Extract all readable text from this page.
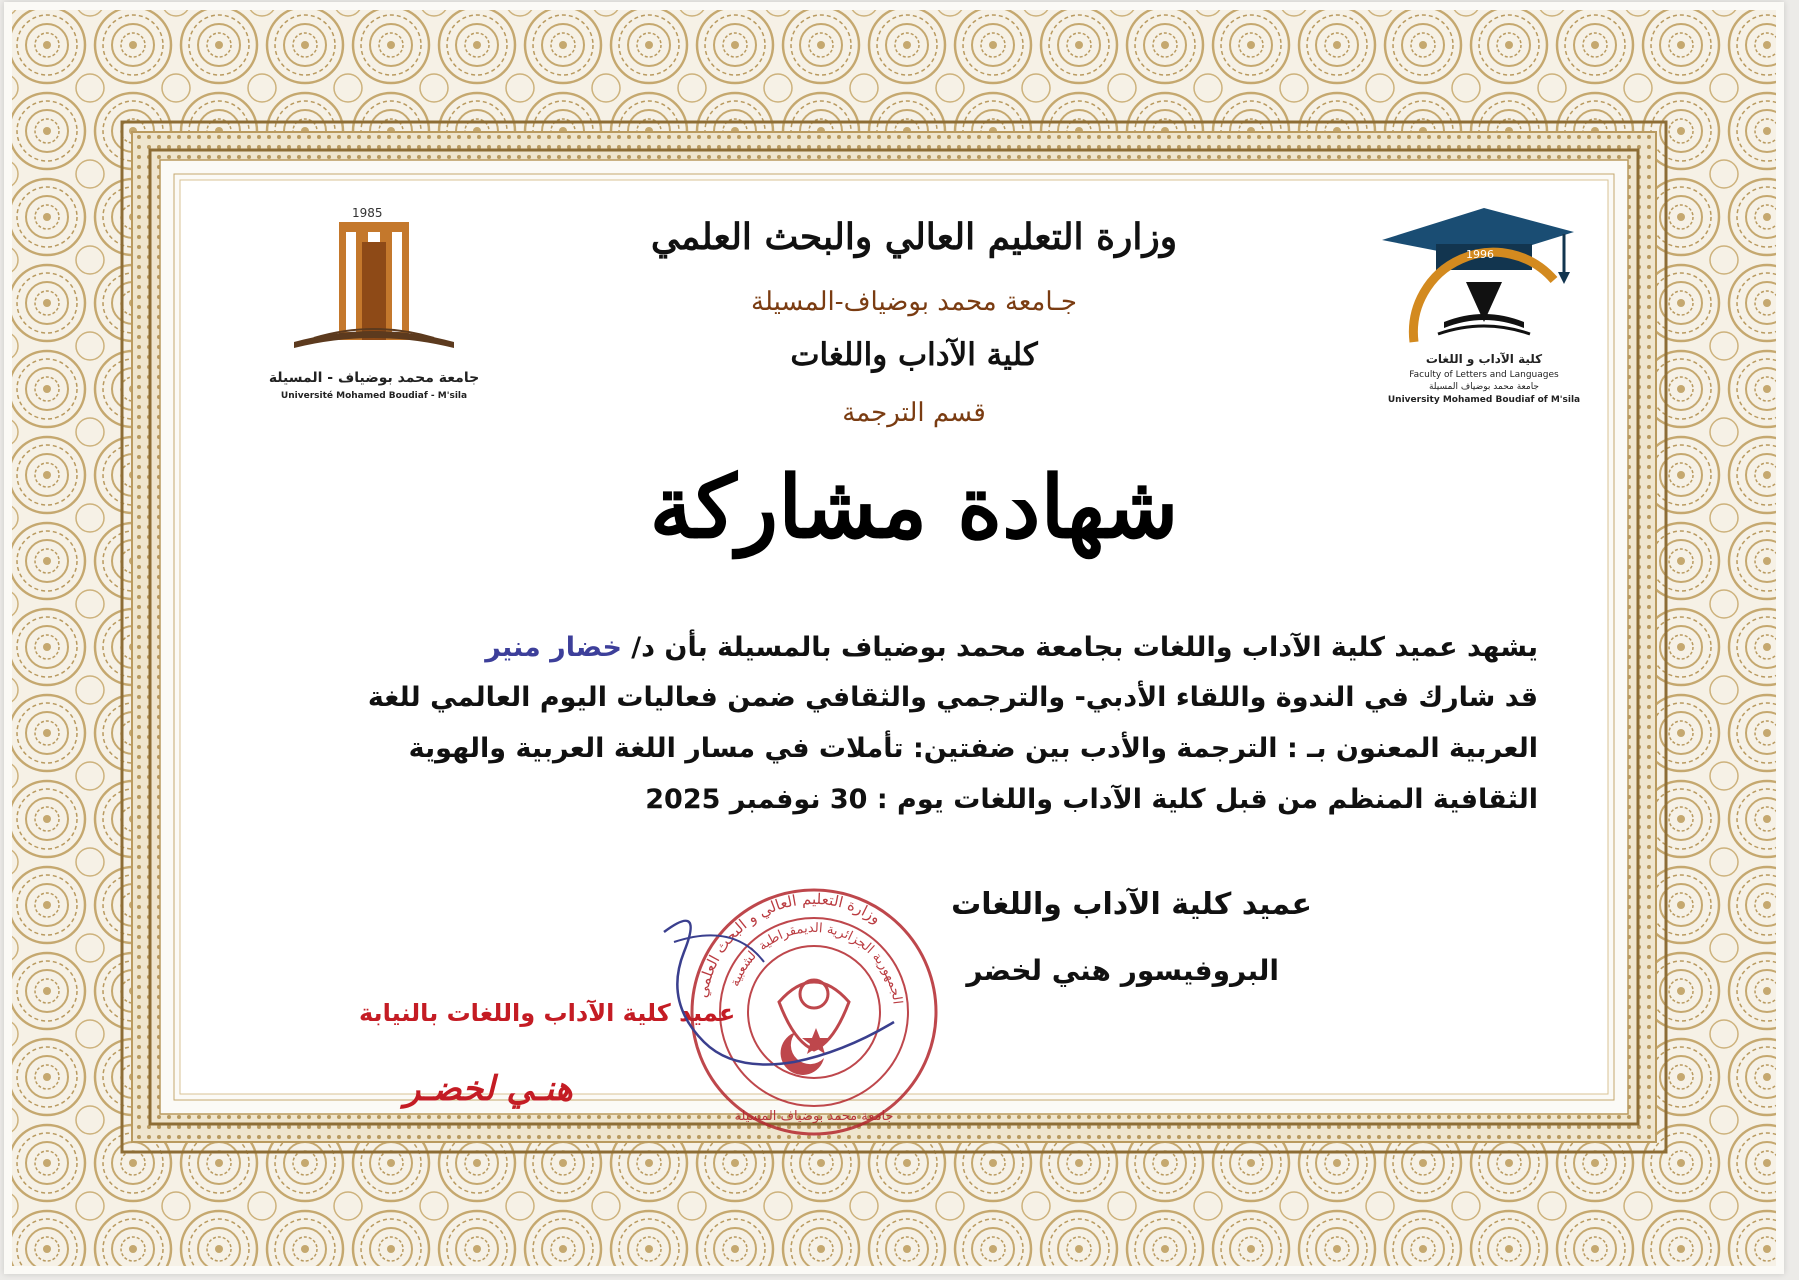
1985
جامعة محمد بوضياف - المسيلة
Université Mohamed Boudiaf - M'sila
1996
كلية الآداب و اللغات
Faculty of Letters and Languages
جامعة محمد بوضياف المسيلة
University Mohamed Boudiaf of M'sila
وزارة التعليم العالي والبحث العلمي
جـامعة محمد بوضياف-المسيلة
كلية الآداب واللغات
قسم الترجمة
شهادة مشاركة
يشهد عميد كلية الآداب واللغات بجامعة محمد بوضياف بالمسيلة بأن د/ خضار منير
قد شارك في الندوة واللقاء الأدبي- والترجمي والثقافي ضمن فعاليات اليوم العالمي للغة
العربية المعنون بـ : الترجمة والأدب بين ضفتين: تأملات في مسار اللغة العربية والهوية
الثقافية المنظم من قبل كلية الآداب واللغات يوم : 30 نوفمبر 2025
عميد كلية الآداب واللغات
البروفيسور هني لخضر
عميد كلية الآداب واللغات بالنيابة
هنـي لخضـر
وزارة التعليم العالي و البحث العلمي
الجمهورية الجزائرية الديمقراطية الشعبية
جامعة محمد بوضياف المسيلة
